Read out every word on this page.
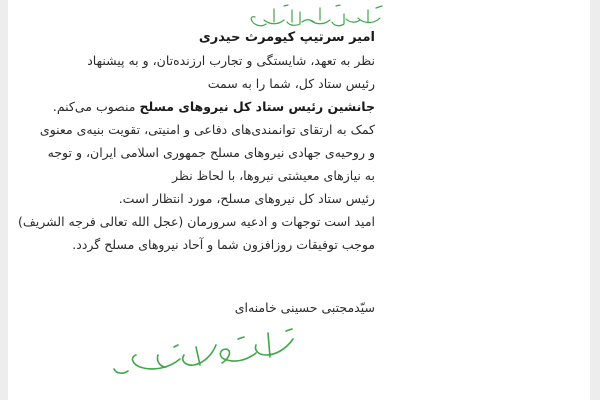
امیر سرتیپ کیومرث حیدری

نظر به تعهد، شایستگی و تجارب ارزنده‌تان، و به پیشنهاد

رئیس ستاد کل، شما را به سمت

جانشین رئیس ستاد کل نیروهای مسلح منصوب می‌کنم.

کمک به ارتقای توانمندی‌های دفاعی و امنیتی، تقویت بنیه‌ی معنوی

و روحیه‌ی جهادی نیروهای مسلح جمهوری اسلامی ایران، و توجه

به نیازهای معیشتی نیروها، با لحاظ نظر

رئیس ستاد کل نیروهای مسلح، مورد انتظار است.

امید است توجهات و ادعیه سرورمان (عجل الله تعالی فرجه الشریف)

موجب توفیقات روزافزون شما و آحاد نیروهای مسلح گردد.

سیّدمجتبی حسینی خامنه‌ای
